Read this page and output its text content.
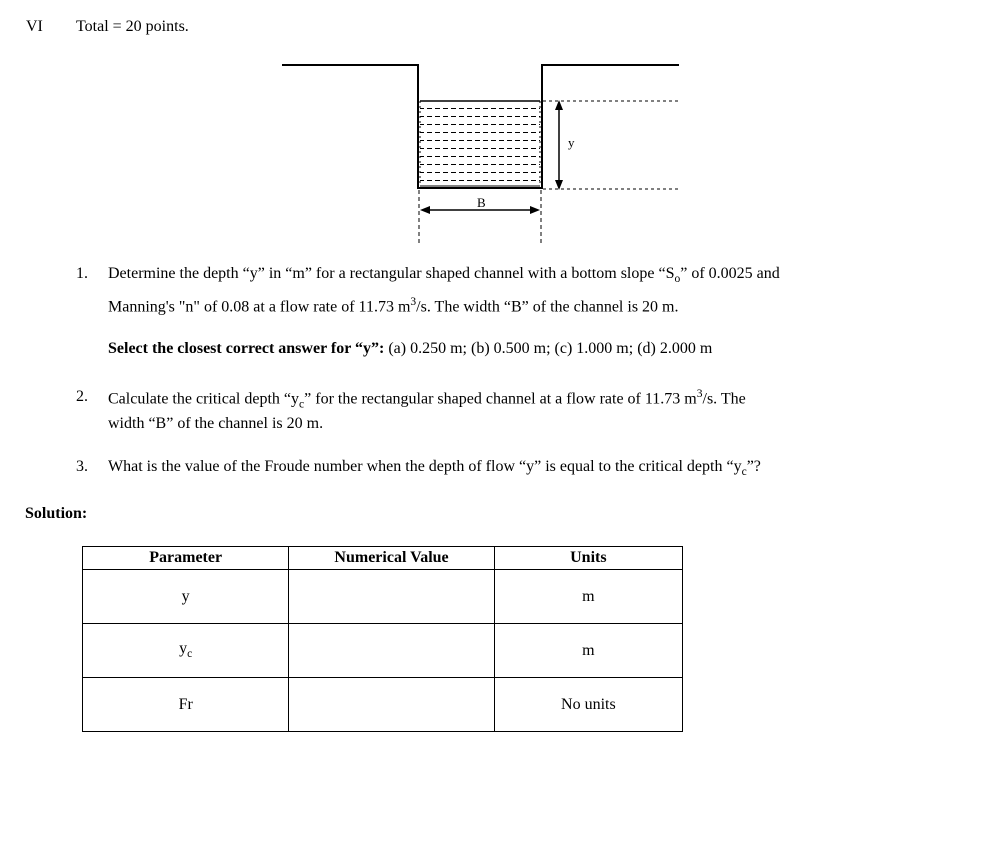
VI Total = 20 points.
y
B
1. Determine the depth “y” in “m” for a rectangular shaped channel with a bottom slope “$S_o$” of 0.0025 and
Manning's "n" of 0.08 at a flow rate of 11.73 $m^3/s$. The width “B” of the channel is 20 m.
Select the closest correct answer for “y”: (a) 0.250 m; (b) 0.500 m; (c) 1.000 m; (d) 2.000 m
2. Calculate the critical depth “$y_c$” for the rectangular shaped channel at a flow rate of 11.73 $m^3/s$. The
width “B” of the channel is 20 m.
3. What is the value of the Froude number when the depth of flow “y” is equal to the critical depth “$y_c$”?
Solution:
Parameter	Numerical Value	Units
y		m
$y_c$		m
Fr		No units
